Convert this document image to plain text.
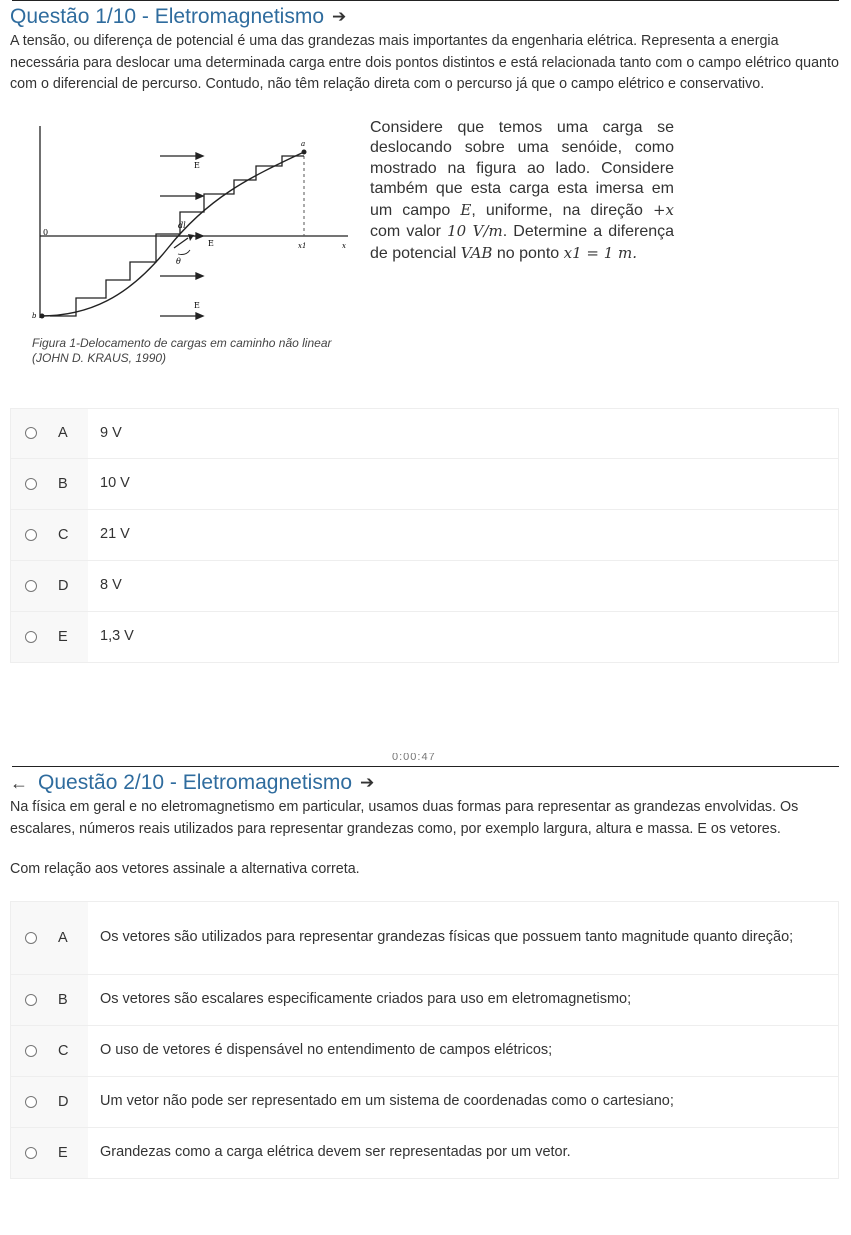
Questão 1/10 - Eletromagnetismo ➔

A tensão, ou diferença de potencial é uma das grandezas mais importantes da engenharia elétrica. Representa a energia necessária para deslocar uma determinada carga entre dois pontos distintos e está relacionada tanto com o campo elétrico quanto com o diferencial de percurso. Contudo, não têm relação direta com o percurso já que o campo elétrico e conservativo.

E
E
E
dl
θ
0
a
b
x1	x
Figura 1-Delocamento de cargas em caminho não linear (JOHN D. KRAUS, 1990)
Considere que temos uma carga se deslocando sobre uma senóide, como mostrado na figura ao lado. Considere também que esta carga esta imersa em um campo E, uniforme, na direção +x com valor 10 V/m. Determine a diferença de potencial VAB no ponto x1 = 1 m.
A	9 V
B	10 V
C	21 V
D	8 V
E	1,3 V
0:00:47
← Questão 2/10 - Eletromagnetismo ➔

Na física em geral e no eletromagnetismo em particular, usamos duas formas para representar as grandezas envolvidas. Os escalares, números reais utilizados para representar grandezas como, por exemplo largura, altura e massa. E os vetores.

Com relação aos vetores assinale a alternativa correta.

A	Os vetores são utilizados para representar grandezas físicas que possuem tanto magnitude quanto direção;
B	Os vetores são escalares especificamente criados para uso em eletromagnetismo;
C	O uso de vetores é dispensável no entendimento de campos elétricos;
D	Um vetor não pode ser representado em um sistema de coordenadas como o cartesiano;
E	Grandezas como a carga elétrica devem ser representadas por um vetor.
